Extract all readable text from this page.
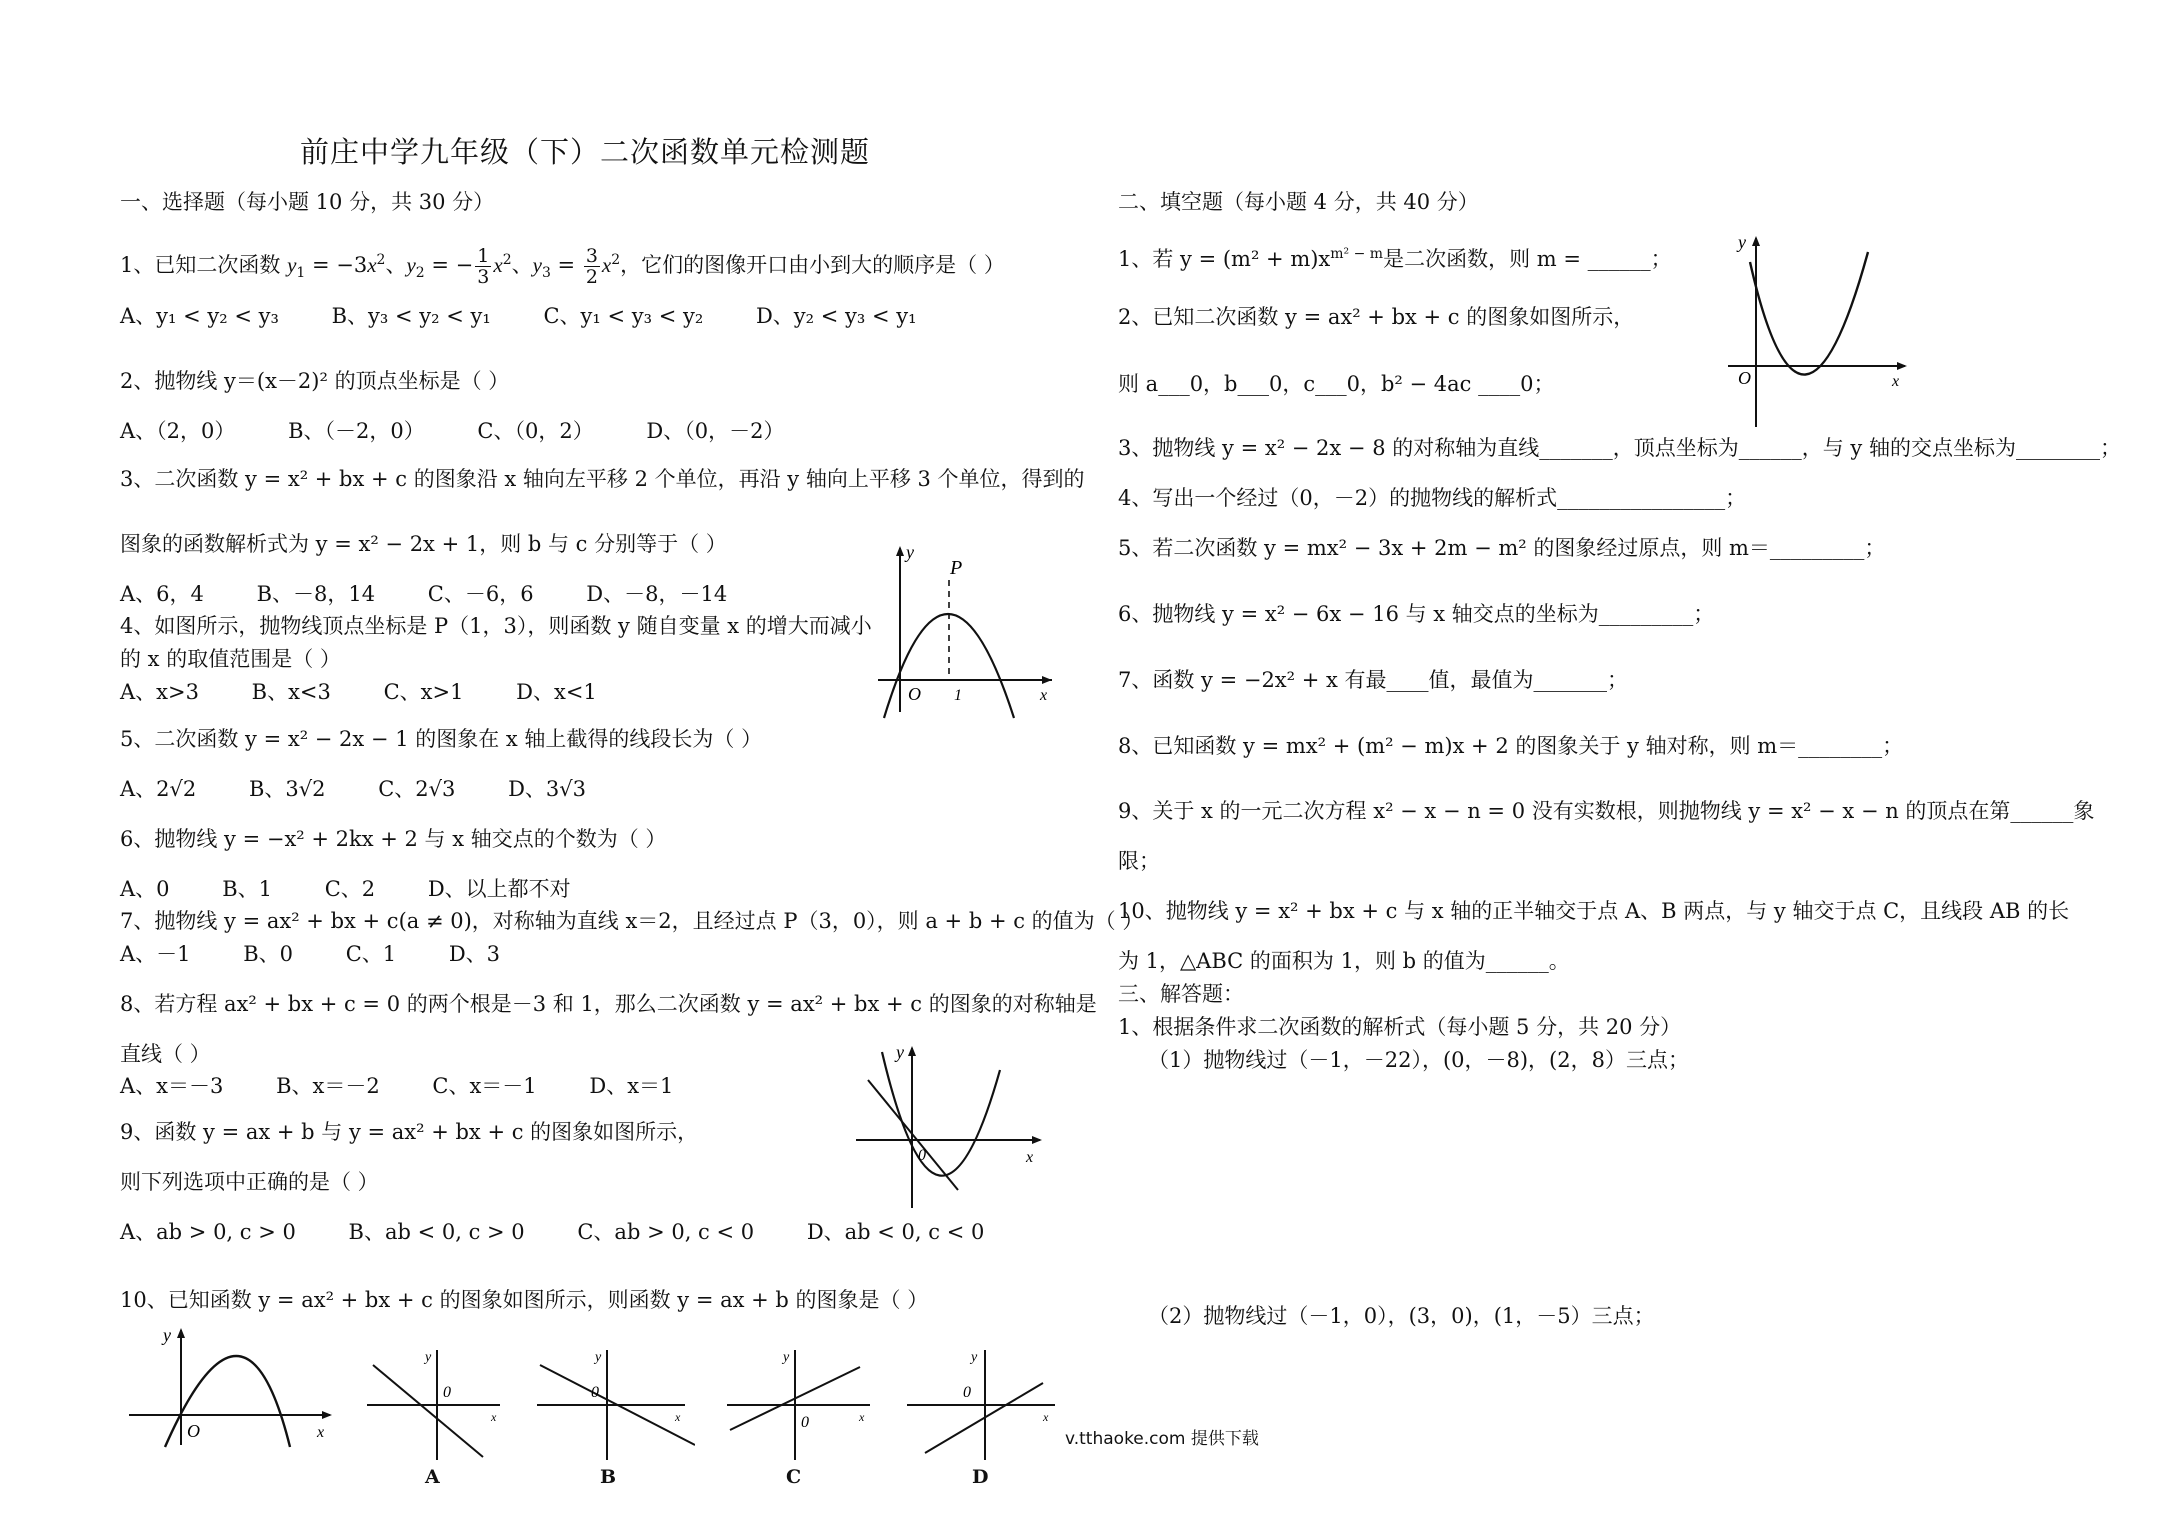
前庄中学九年级（下）二次函数单元检测题
一、选择题（每小题 10 分，共 30 分）
1、已知二次函数 $y_1 = -3x^2$、$y_2$ = − $\frac{1}{3} x^2$、$y_3 = \frac{3}{2} x^2$，它们的图像开口由小到大的顺序是（ ）
A、y₁ < y₂ < y₃	B、y₃ < y₂ < y₁	C、y₁ < y₃ < y₂	D、y₂ < y₃ < y₁
2、抛物线 y＝(x－2)² 的顶点坐标是（ ）
A、（2，0）	B、（－2，0）	C、（0，2）	D、（0，－2）
3、二次函数 y = x² + bx + c 的图象沿 x 轴向左平移 2 个单位，再沿 y 轴向上平移 3 个单位，得到的
图象的函数解析式为 y = x² − 2x + 1，则 b 与 c 分别等于（ ）
A、6，4	B、－8，14	C、－6，6	D、－8，－14
4、如图所示，抛物线顶点坐标是 P（1，3），则函数 y 随自变量 x 的增大而减小
的 x 的取值范围是（ ）
A、x>3	B、x<3	C、x>1	D、x<1
y
P
O 1	x
5、二次函数 y = x² − 2x − 1 的图象在 x 轴上截得的线段长为（ ）
A、2√2	B、3√2	C、2√3	D、3√3
6、抛物线 y = −x² + 2kx + 2 与 x 轴交点的个数为（ ）
A、0	B、1	C、2	D、以上都不对
7、抛物线 y = ax² + bx + c(a ≠ 0)，对称轴为直线 x＝2，且经过点 P（3，0），则 a + b + c 的值为（ ）
A、－1	B、0	C、1	D、3
8、若方程 ax² + bx + c = 0 的两个根是－3 和 1，那么二次函数 y = ax² + bx + c 的图象的对称轴是
直线（ ）
A、x＝－3	B、x＝－2	C、x＝－1	D、x＝1
y
0	x
9、函数 y = ax + b 与 y = ax² + bx + c 的图象如图所示，
则下列选项中正确的是（ ）
A、ab > 0, c > 0	B、ab < 0, c > 0	C、ab > 0, c < 0	D、ab < 0, c < 0
10、已知函数 y = ax² + bx + c 的图象如图所示，则函数 y = ax + b 的图象是（ ）
y
O	x
y
0
x
A
y
0
x
B
y
0	x
C
y
0
x
D
v.tthaoke.com 提供下载
二、填空题（每小题 4 分，共 40 分）
1、若 $y = (m^2 + m)x^{m^2 - m}$是二次函数，则 m = ______；
2、已知二次函数 y = ax² + bx + c 的图象如图所示，
则 a___0，b___0，c___0，b² − 4ac ____0；
y
O	x
3、抛物线 y = x² − 2x − 8 的对称轴为直线_______，顶点坐标为______，与 y 轴的交点坐标为________；
4、写出一个经过（0，－2）的抛物线的解析式________________；
5、若二次函数 y = mx² − 3x + 2m − m² 的图象经过原点，则 m＝_________；
6、抛物线 y = x² − 6x − 16 与 x 轴交点的坐标为_________；
7、函数 y = −2x² + x 有最____值，最值为_______；
8、已知函数 y = mx² + (m² − m)x + 2 的图象关于 y 轴对称，则 m＝________；
9、关于 x 的一元二次方程 x² − x − n = 0 没有实数根，则抛物线 y = x² − x − n 的顶点在第______象
限；
10、抛物线 y = x² + bx + c 与 x 轴的正半轴交于点 A、B 两点，与 y 轴交于点 C，且线段 AB 的长
为 1，△ABC 的面积为 1，则 b 的值为______。
三、解答题：
1、根据条件求二次函数的解析式（每小题 5 分，共 20 分）
（1）抛物线过（－1，－22），(0，－8)，(2，8）三点；
（2）抛物线过（－1，0），(3，0)，(1，－5）三点；
